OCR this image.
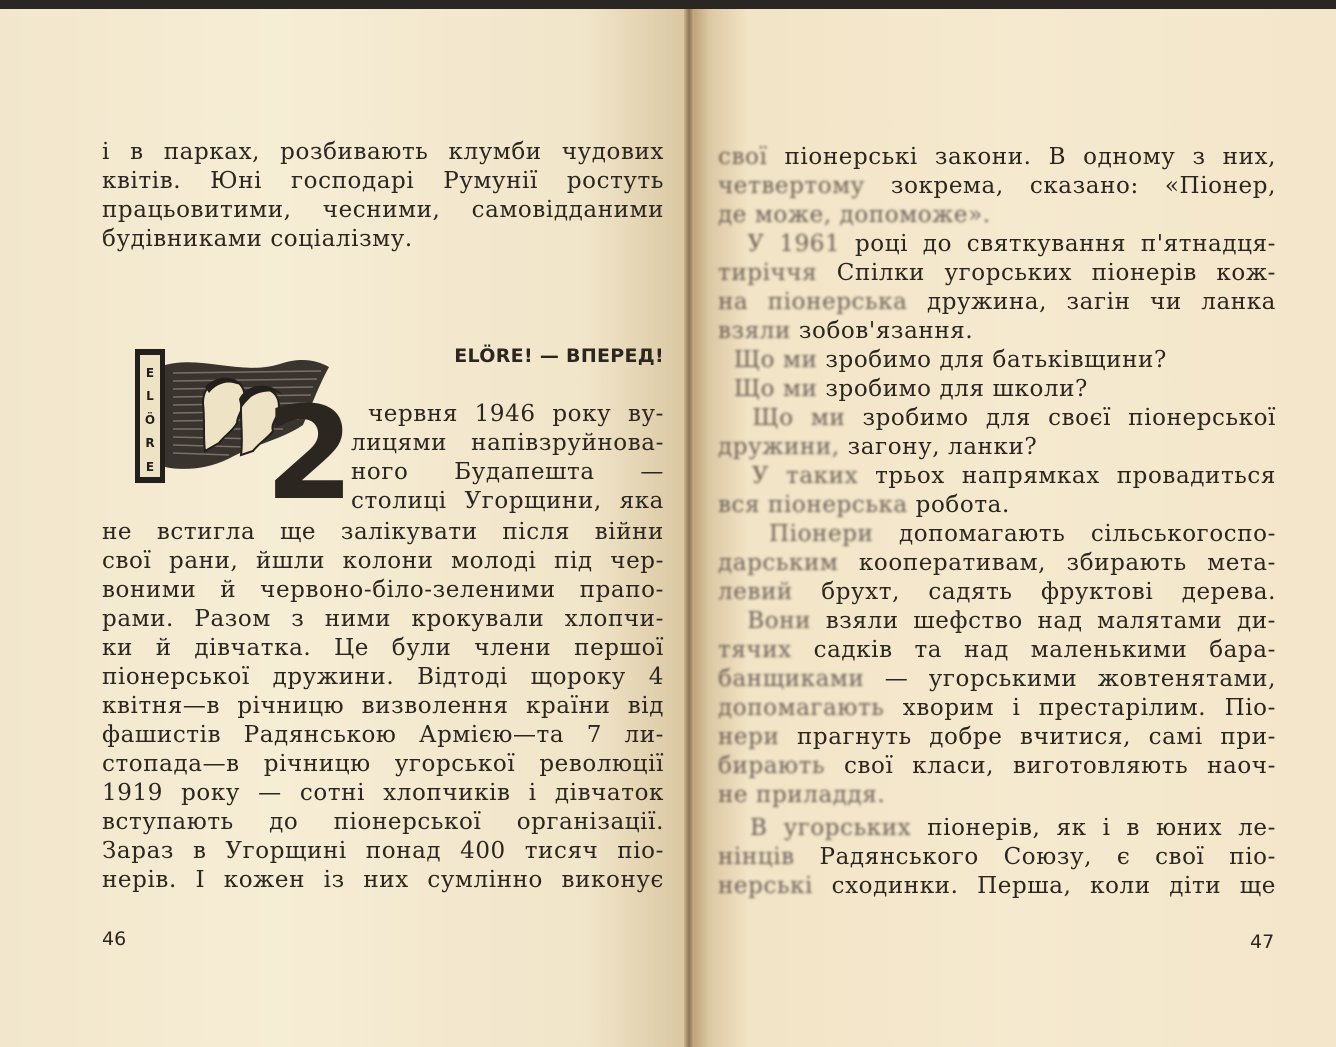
і в парках, розбивають клумби чудових

квітів. Юні господарі Румунії ростуть

працьовитими, чесними, самовідданими

будівниками соціалізму.

ELÖRE! — ВПЕРЕД!
E
L
Ö
R
E 2 червня 1946 року ву-

лицями напівзруйнова-

ного Будапешта —

столиці Угорщини, яка

не встигла ще залікувати після війни

свої рани, йшли колони молоді під чер-

воними й червоно-біло-зеленими прапо-

рами. Разом з ними крокували хлопчи-

ки й дівчатка. Це були члени першої

піонерської дружини. Відтоді щороку 4

квітня—в річницю визволення країни від

фашистів Радянською Армією—та 7 ли-

стопада—в річницю угорської революції

1919 року — сотні хлопчиків і дівчаток

вступають до піонерської організації.

Зараз в Угорщині понад 400 тисяч піо-

нерів. І кожен із них сумлінно виконує

46

свої піонерські закони. В одному з них,

четвертому зокрема, сказано: «Піонер,

де може, допоможе».

У 1961 році до святкування п'ятнадця-

тиріччя Спілки угорських піонерів кож-

на піонерська дружина, загін чи ланка

взяли зобов'язання.

Що ми зробимо для батьківщини?

Що ми зробимо для школи?

Що ми зробимо для своєї піонерської

дружини, загону, ланки?

У таких трьох напрямках провадиться

вся піонерська робота.

Піонери допомагають сільськогоспо-

дарським кооперативам, збирають мета-

левий брухт, садять фруктові дерева.

Вони взяли шефство над малятами ди-

тячих садків та над маленькими бара-

банщиками — угорськими жовтенятами,

допомагають хворим і престарілим. Піо-

нери прагнуть добре вчитися, самі при-

бирають свої класи, виготовляють наоч-

не приладдя.

В угорських піонерів, як і в юних ле-

нінців Радянського Союзу, є свої піо-

нерські сходинки. Перша, коли діти ще

47
